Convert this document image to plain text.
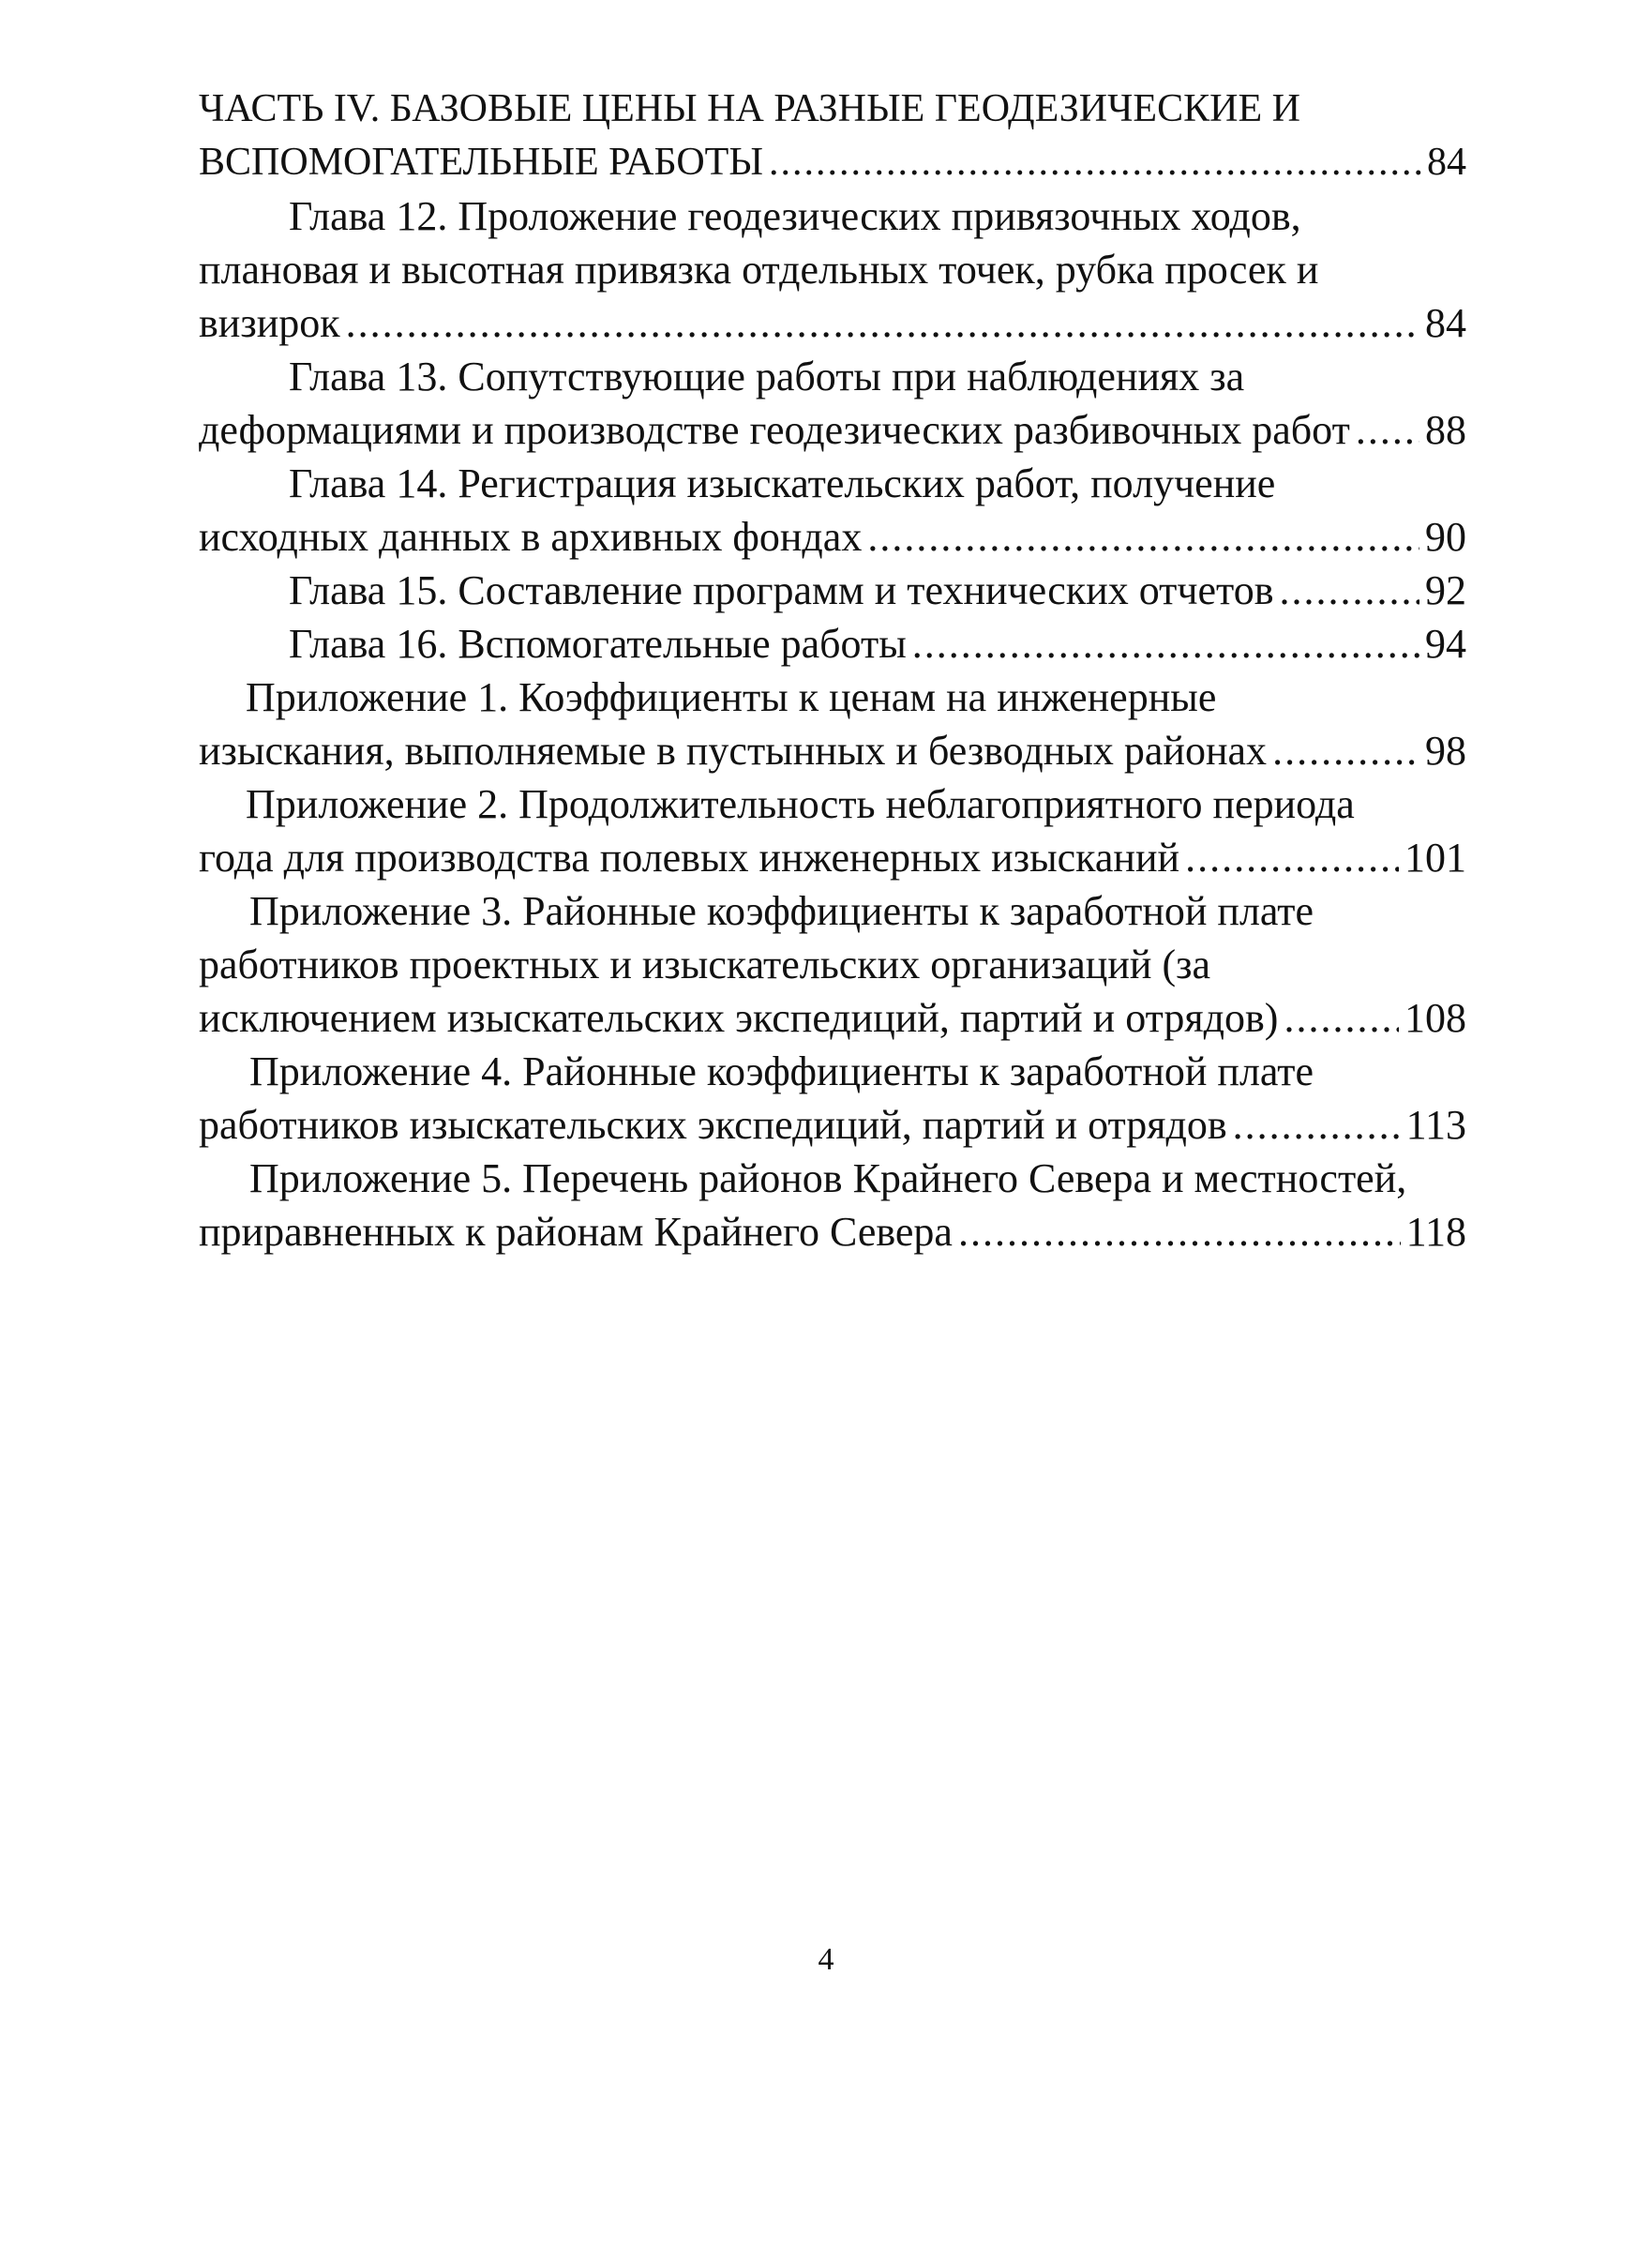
ЧАСТЬ IV. БАЗОВЫЕ ЦЕНЫ НА РАЗНЫЕ ГЕОДЕЗИЧЕСКИЕ И
ВСПОМОГАТЕЛЬНЫЕ РАБОТЫ .....	84
Глава 12. Проложение геодезических привязочных ходов,
плановая и высотная привязка отдельных точек, рубка просек и
визирок .....	84
Глава 13. Сопутствующие работы при наблюдениях за
деформациями и производстве геодезических разбивочных работ ..... 88
Глава 14. Регистрация изыскательских работ, получение
исходных данных в архивных фондах .....	90
Глава 15. Составление программ и технических отчетов .....	92
Глава 16. Вспомогательные работы .....	94
Приложение 1. Коэффициенты к ценам на инженерные
изыскания, выполняемые в пустынных и безводных районах .....	98
Приложение 2. Продолжительность неблагоприятного периода
года для производства полевых инженерных изысканий .....	101
Приложение 3. Районные коэффициенты к заработной плате
работников проектных и изыскательских организаций (за
исключением изыскательских экспедиций, партий и отрядов) .....	108
Приложение 4. Районные коэффициенты к заработной плате
работников изыскательских экспедиций, партий и отрядов .....	113
Приложение 5. Перечень районов Крайнего Севера и местностей,
приравненных к районам Крайнего Севера .....	118
4
